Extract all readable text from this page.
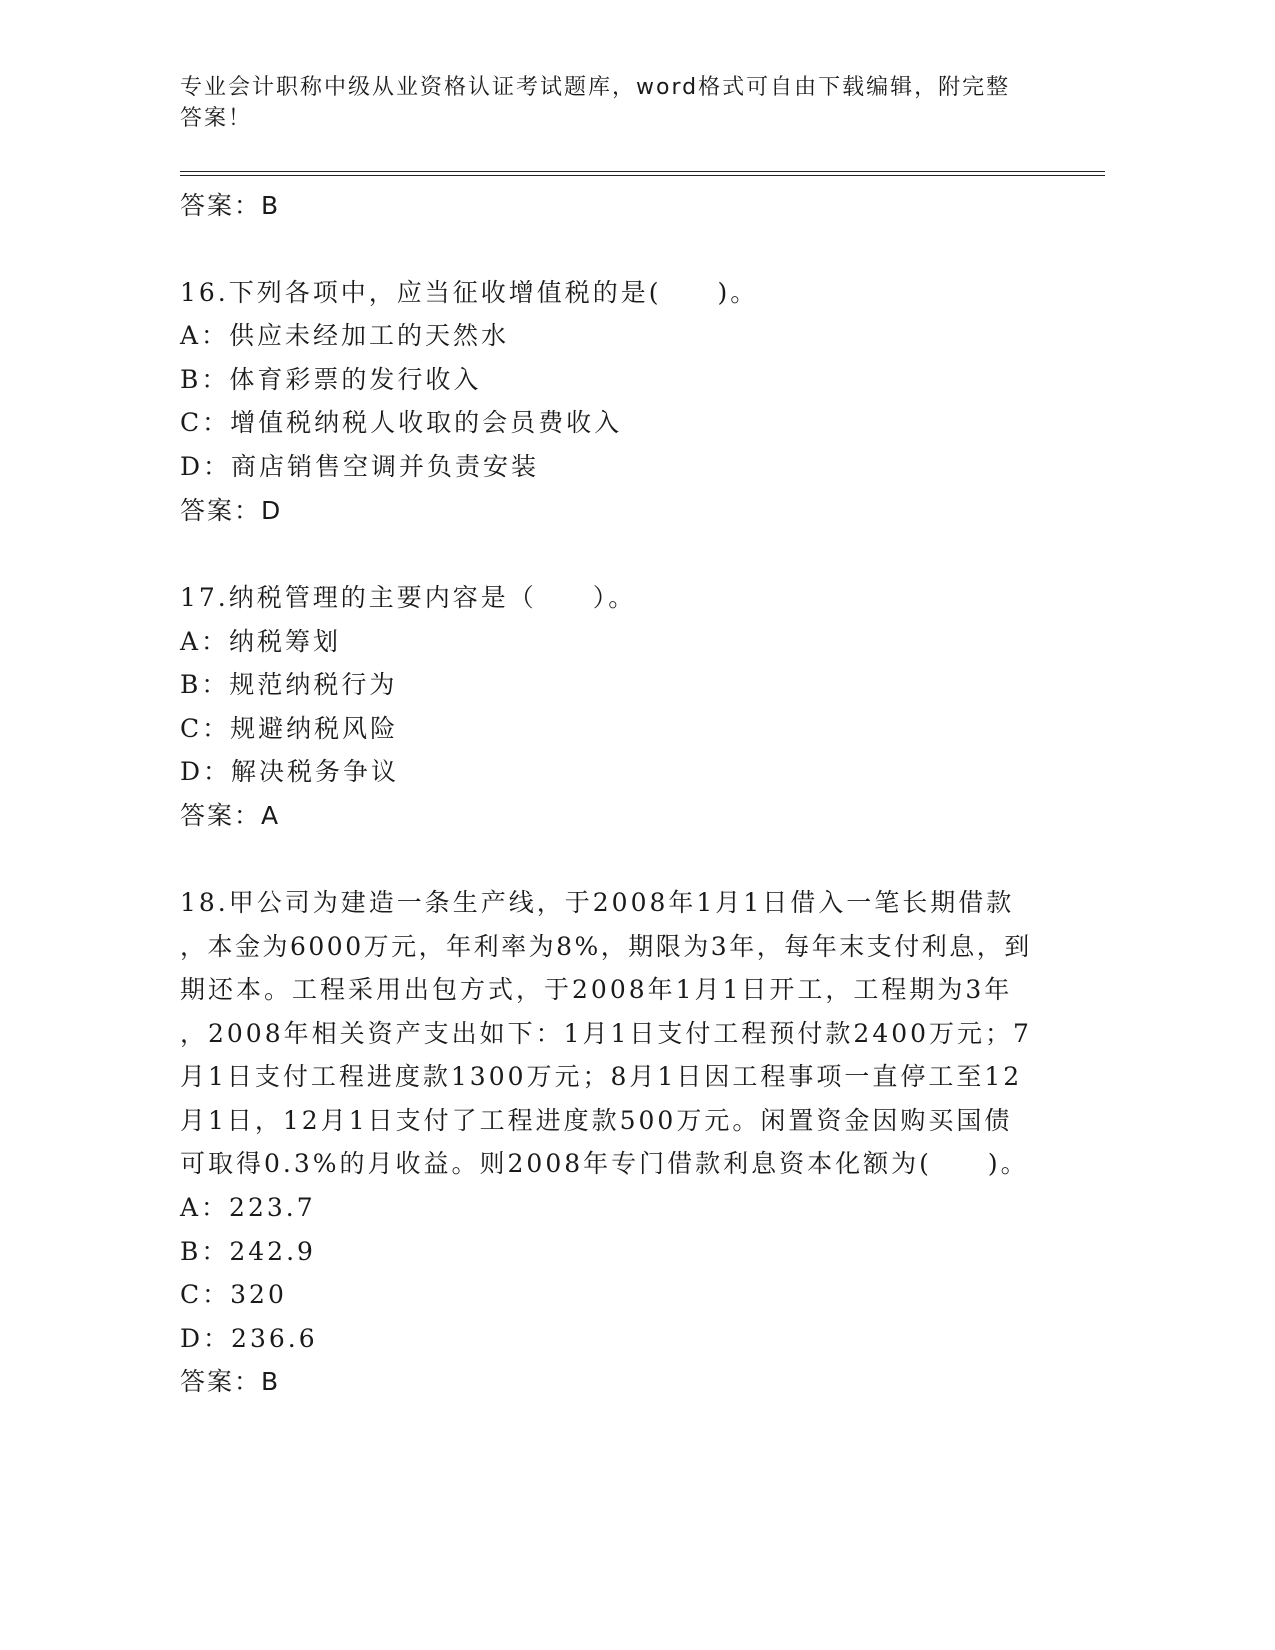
专业会计职称中级从业资格认证考试题库，word格式可自由下载编辑，附完整答案！
答案：B
16.下列各项中，应当征收增值税的是(　　)。
A：供应未经加工的天然水
B：体育彩票的发行收入
C：增值税纳税人收取的会员费收入
D：商店销售空调并负责安装
答案：D
17.纳税管理的主要内容是（　　）。
A：纳税筹划
B：规范纳税行为
C：规避纳税风险
D：解决税务争议
答案：A
18.甲公司为建造一条生产线，于2008年1月1日借入一笔长期借款
，本金为6000万元，年利率为8%，期限为3年，每年末支付利息，到
期还本。工程采用出包方式，于2008年1月1日开工，工程期为3年
，2008年相关资产支出如下：1月1日支付工程预付款2400万元；7
月1日支付工程进度款1300万元；8月1日因工程事项一直停工至12
月1日，12月1日支付了工程进度款500万元。闲置资金因购买国债
可取得0.3%的月收益。则2008年专门借款利息资本化额为(　　)。
A：223.7
B：242.9
C：320
D：236.6
答案：B
